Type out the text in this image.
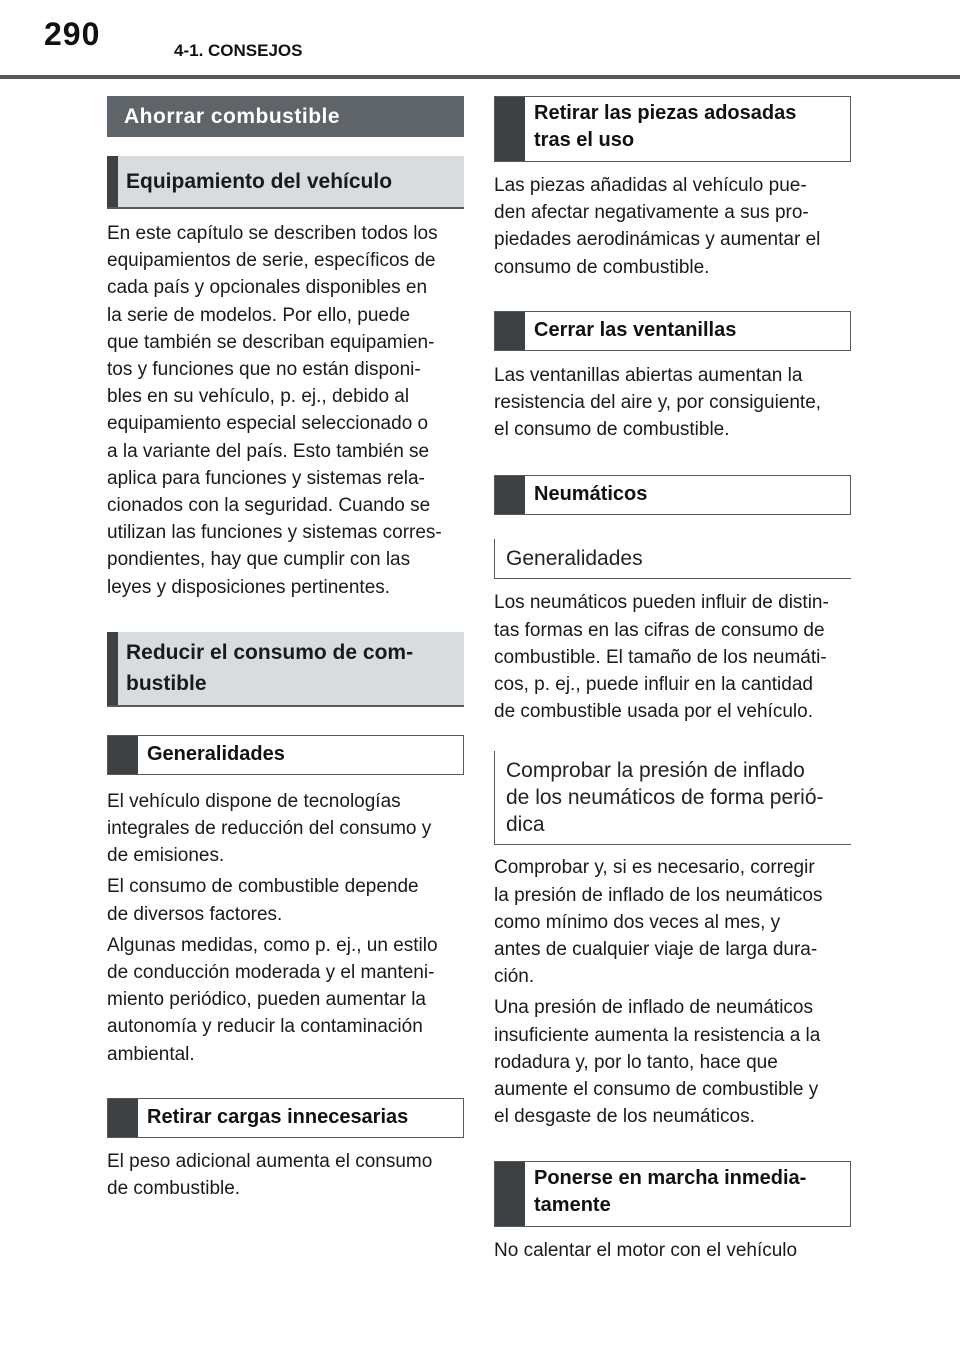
290	4-1. CONSEJOS
Ahorrar combustible
Equipamiento del vehículo

En este capítulo se describen todos los
equipamientos de serie, específicos de
cada país y opcionales disponibles en
la serie de modelos. Por ello, puede
que también se describan equipamien-
tos y funciones que no están disponi-
bles en su vehículo, p. ej., debido al
equipamiento especial seleccionado o
a la variante del país. Esto también se
aplica para funciones y sistemas rela-
cionados con la seguridad. Cuando se
utilizan las funciones y sistemas corres-
pondientes, hay que cumplir con las
leyes y disposiciones pertinentes.

Reducir el consumo de com-
bustible
Generalidades

El vehículo dispone de tecnologías
integrales de reducción del consumo y
de emisiones.

El consumo de combustible depende
de diversos factores.

Algunas medidas, como p. ej., un estilo
de conducción moderada y el manteni-
miento periódico, pueden aumentar la
autonomía y reducir la contaminación
ambiental.

Retirar cargas innecesarias

El peso adicional aumenta el consumo
de combustible.

Retirar las piezas adosadas
tras el uso

Las piezas añadidas al vehículo pue-
den afectar negativamente a sus pro-
piedades aerodinámicas y aumentar el
consumo de combustible.

Cerrar las ventanillas

Las ventanillas abiertas aumentan la
resistencia del aire y, por consiguiente,
el consumo de combustible.

Neumáticos
Generalidades

Los neumáticos pueden influir de distin-
tas formas en las cifras de consumo de
combustible. El tamaño de los neumáti-
cos, p. ej., puede influir en la cantidad
de combustible usada por el vehículo.

Comprobar la presión de inflado
de los neumáticos de forma perió-
dica

Comprobar y, si es necesario, corregir
la presión de inflado de los neumáticos
como mínimo dos veces al mes, y
antes de cualquier viaje de larga dura-
ción.

Una presión de inflado de neumáticos
insuficiente aumenta la resistencia a la
rodadura y, por lo tanto, hace que
aumente el consumo de combustible y
el desgaste de los neumáticos.

Ponerse en marcha inmedia-
tamente

No calentar el motor con el vehículo
